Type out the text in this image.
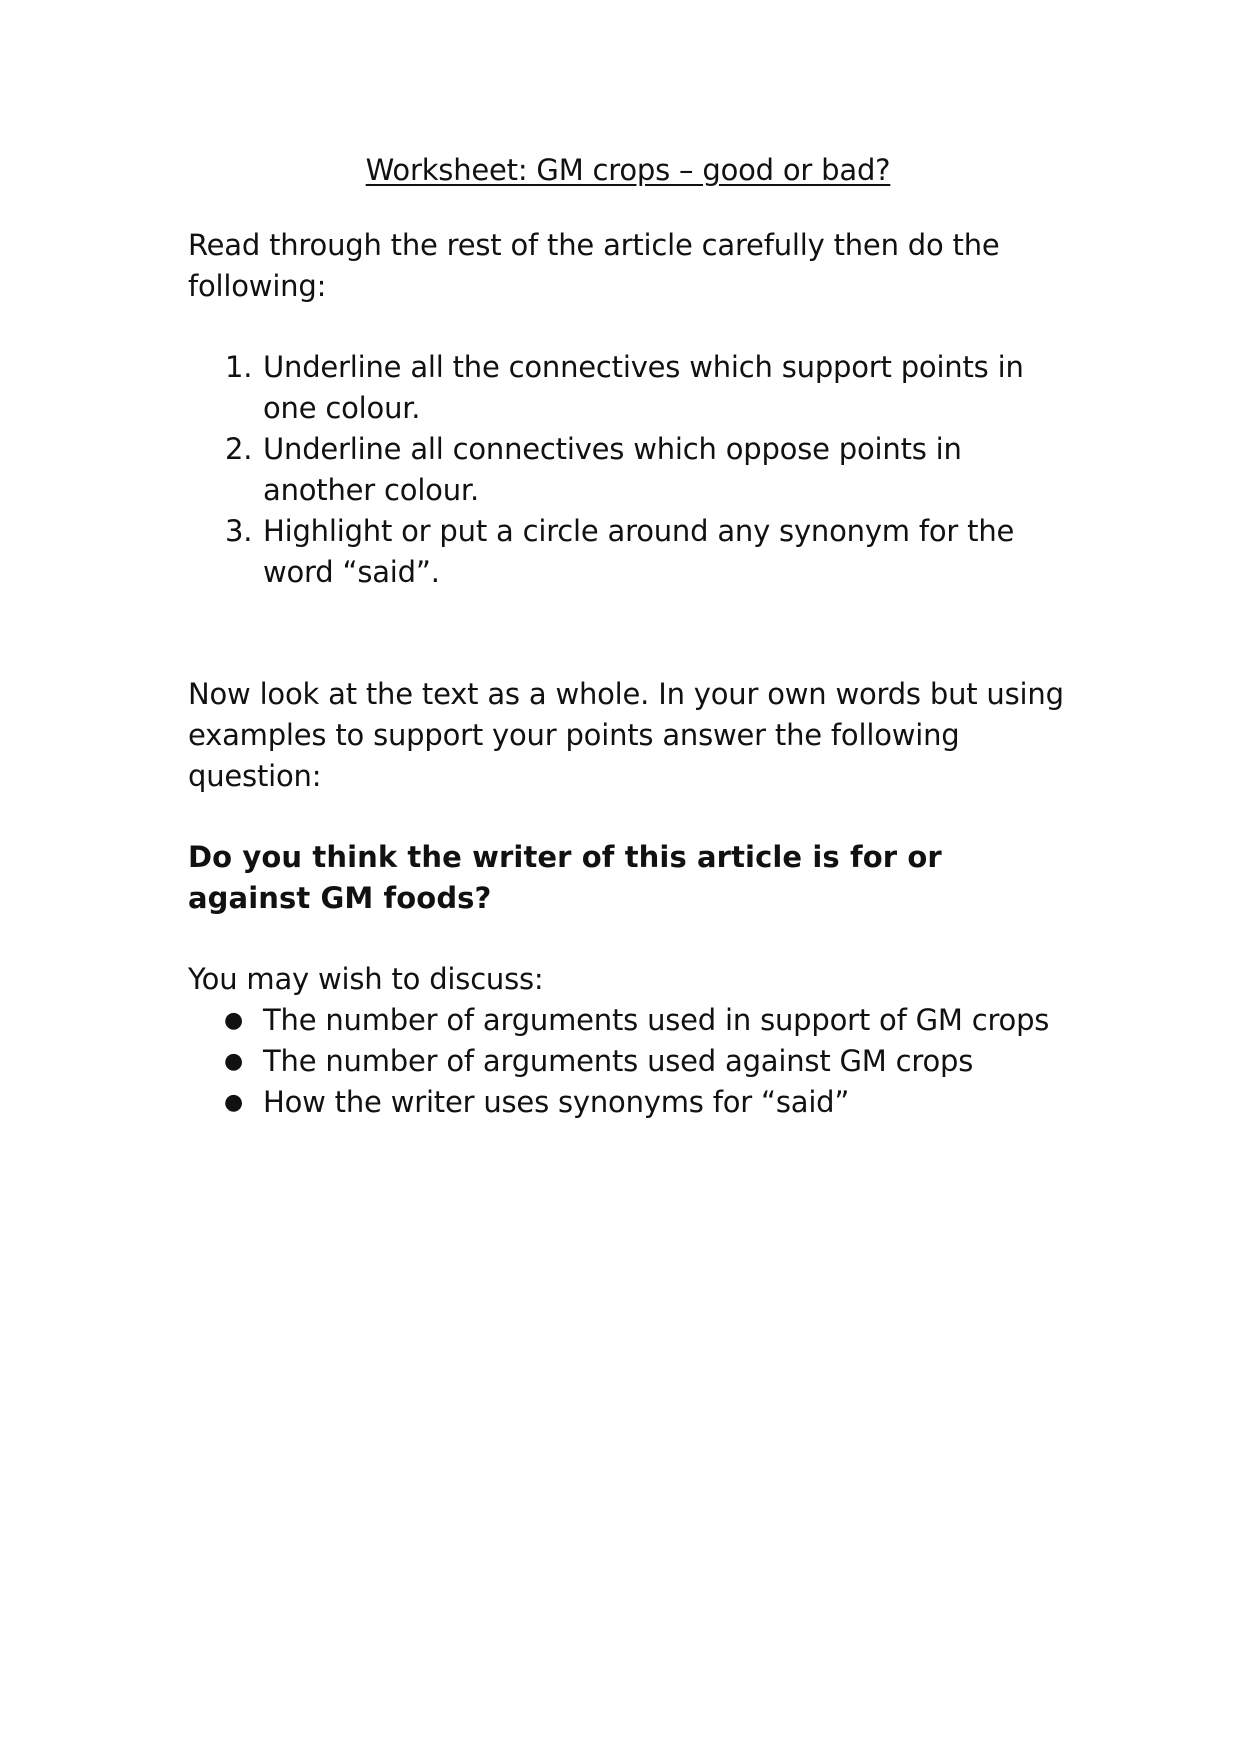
Worksheet: GM crops – good or bad?

Read through the rest of the article carefully then do the following:

1. Underline all the connectives which support points in one colour.
2. Underline all connectives which oppose points in another colour.
3. Highlight or put a circle around any synonym for the word “said”.

Now look at the text as a whole. In your own words but using examples to support your points answer the following question:

Do you think the writer of this article is for or against GM foods?

You may wish to discuss:

● The number of arguments used in support of GM crops
● The number of arguments used against GM crops
● How the writer uses synonyms for “said”
